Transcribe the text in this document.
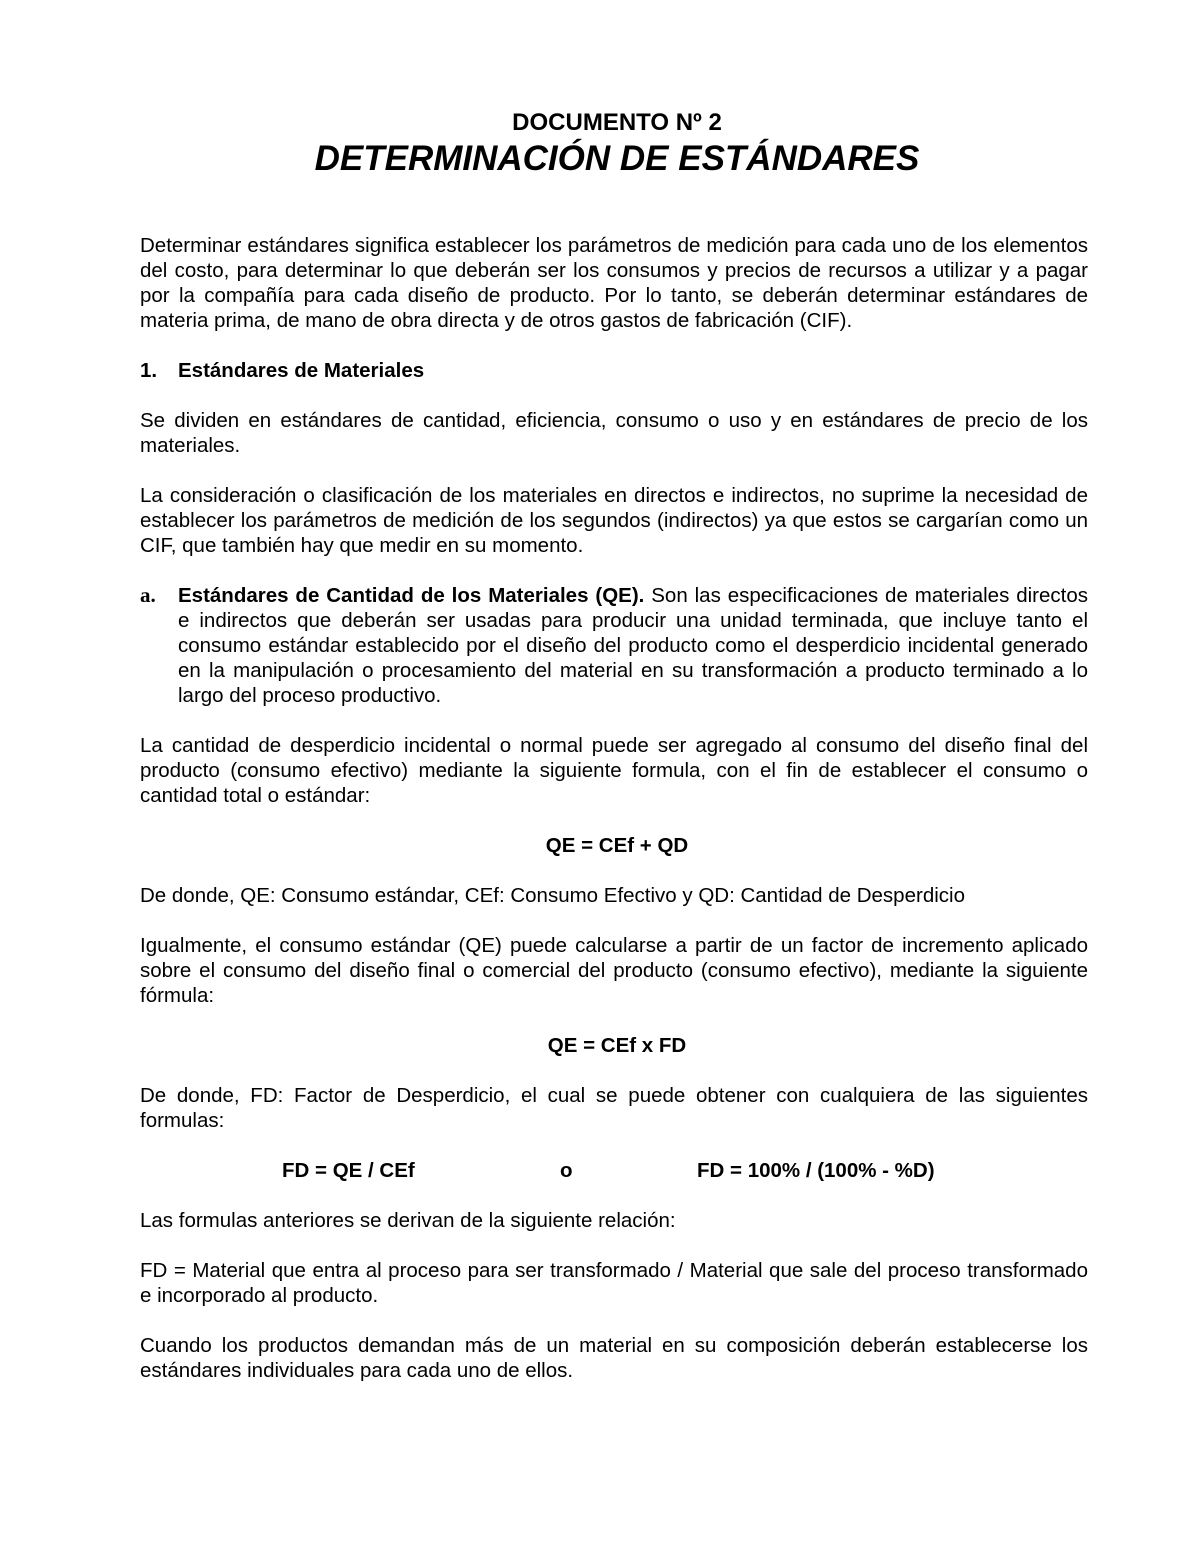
DOCUMENTO Nº 2
DETERMINACIÓN DE ESTÁNDARES

Determinar estándares significa establecer los parámetros de medición para cada uno de los elementos del costo, para determinar lo que deberán ser los consumos y precios de recursos a utilizar y a pagar por la compañía para cada diseño de producto. Por lo tanto, se deberán determinar estándares de materia prima, de mano de obra directa y de otros gastos de fabricación (CIF).

1.	Estándares de Materiales

Se dividen en estándares de cantidad, eficiencia, consumo o uso y en estándares de precio de los materiales.

La consideración o clasificación de los materiales en directos e indirectos, no suprime la necesidad de establecer los parámetros de medición de los segundos (indirectos) ya que estos se cargarían como un CIF, que también hay que medir en su momento.

a.	Estándares de Cantidad de los Materiales (QE). Son las especificaciones de materiales directos e indirectos que deberán ser usadas para producir una unidad terminada, que incluye tanto el consumo estándar establecido por el diseño del producto como el desperdicio incidental generado en la manipulación o procesamiento del material en su transformación a producto terminado a lo largo del proceso productivo.

La cantidad de desperdicio incidental o normal puede ser agregado al consumo del diseño final del producto (consumo efectivo) mediante la siguiente formula, con el fin de establecer el consumo o cantidad total o estándar:

QE = CEf + QD

De donde, QE: Consumo estándar, CEf: Consumo Efectivo y QD: Cantidad de Desperdicio

Igualmente, el consumo estándar (QE) puede calcularse a partir de un factor de incremento aplicado sobre el consumo del diseño final o comercial del producto (consumo efectivo), mediante la siguiente fórmula:

QE = CEf x FD

De donde, FD: Factor de Desperdicio, el cual se puede obtener con cualquiera de las siguientes formulas:

FD = QE / CEf	o	FD = 100% / (100% - %D)

Las formulas anteriores se derivan de la siguiente relación:

FD = Material que entra al proceso para ser transformado / Material que sale del proceso transformado e incorporado al producto.

Cuando los productos demandan más de un material en su composición deberán establecerse los estándares individuales para cada uno de ellos.
